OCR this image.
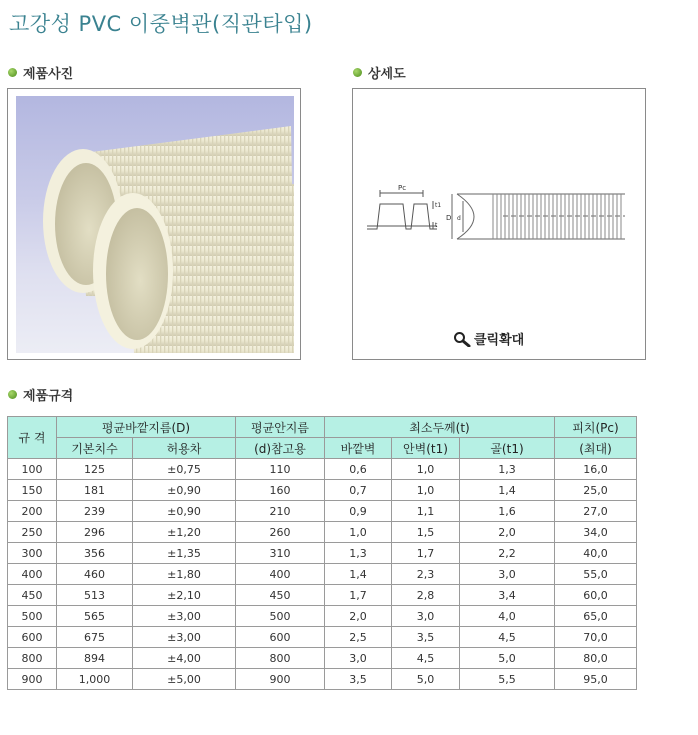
고강성 PVC 이중벽관(직관타입)
제품사진	상세도
Pc
t1
t
D d
클릭확대
제품규격
규 격	평균바깥지름(D)		평균안지름	최소두께(t)			피치(Pc)
	기본치수	허용차	(d)참고용	바깥벽	안벽(t1)	골(t1)	(최대)
100	125	±0,75	110	0,6	1,0	1,3	16,0
150	181	±0,90	160	0,7	1,0	1,4	25,0
200	239	±0,90	210	0,9	1,1	1,6	27,0
250	296	±1,20	260	1,0	1,5	2,0	34,0
300	356	±1,35	310	1,3	1,7	2,2	40,0
400	460	±1,80	400	1,4	2,3	3,0	55,0
450	513	±2,10	450	1,7	2,8	3,4	60,0
500	565	±3,00	500	2,0	3,0	4,0	65,0
600	675	±3,00	600	2,5	3,5	4,5	70,0
800	894	±4,00	800	3,0	4,5	5,0	80,0
900	1,000	±5,00	900	3,5	5,0	5,5	95,0
